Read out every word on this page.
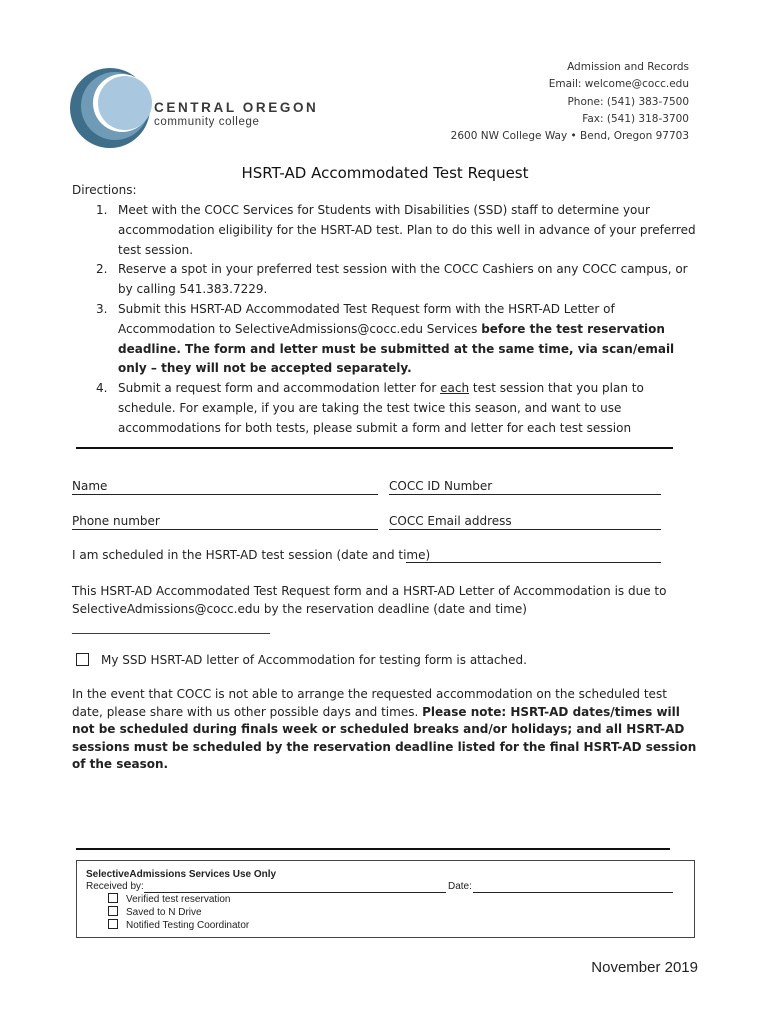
CENTRAL OREGON
community college
Admission and Records
Email: welcome@cocc.edu
Phone: (541) 383-7500
Fax: (541) 318-3700
2600 NW College Way • Bend, Oregon 97703
HSRT-AD Accommodated Test Request
Directions:
1. Meet with the COCC Services for Students with Disabilities (SSD) staff to determine your accommodation eligibility for the HSRT-AD test. Plan to do this well in advance of your preferred test session.
2. Reserve a spot in your preferred test session with the COCC Cashiers on any COCC campus, or by calling 541.383.7229.
3. Submit this HSRT-AD Accommodated Test Request form with the HSRT-AD Letter of Accommodation to SelectiveAdmissions@cocc.edu Services before the test reservation deadline. The form and letter must be submitted at the same time, via scan/email only – they will not be accepted separately.
4. Submit a request form and accommodation letter for each test session that you plan to schedule. For example, if you are taking the test twice this season, and want to use accommodations for both tests, please submit a form and letter for each test session
Name	COCC ID Number
Phone number	COCC Email address
I am scheduled in the HSRT-AD test session (date and time)
This HSRT-AD Accommodated Test Request form and a HSRT-AD Letter of Accommodation is due to SelectiveAdmissions@cocc.edu by the reservation deadline (date and time)
_________________________________
My SSD HSRT-AD letter of Accommodation for testing form is attached.
In the event that COCC is not able to arrange the requested accommodation on the scheduled test date, please share with us other possible days and times. Please note: HSRT-AD dates/times will not be scheduled during finals week or scheduled breaks and/or holidays; and all HSRT-AD sessions must be scheduled by the reservation deadline listed for the final HSRT-AD session of the season.
SelectiveAdmissions Services Use Only
Received by:	Date:
Verified test reservation
Saved to N Drive
Notified Testing Coordinator
November 2019
